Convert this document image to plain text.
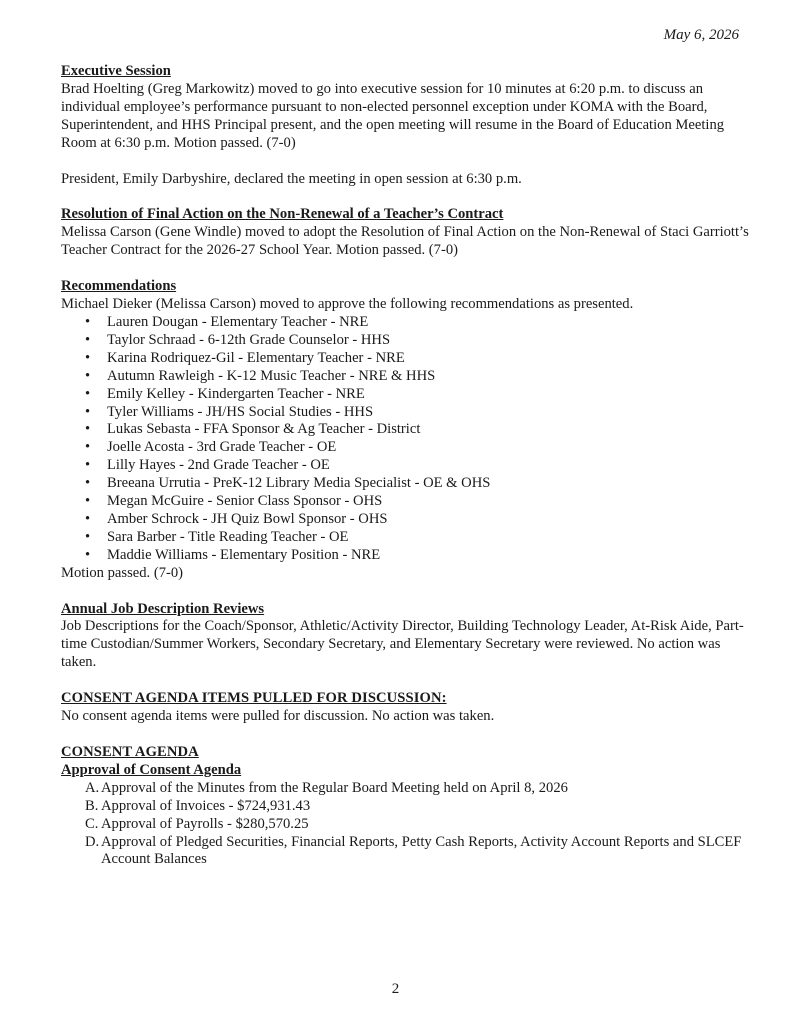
May 6, 2026

Executive Session

Brad Hoelting (Greg Markowitz) moved to go into executive session for 10 minutes at 6:20 p.m. to discuss an individual employee’s performance pursuant to non-elected personnel exception under KOMA with the Board, Superintendent, and HHS Principal present, and the open meeting will resume in the Board of Education Meeting Room at 6:30 p.m. Motion passed. (7-0)

President, Emily Darbyshire, declared the meeting in open session at 6:30 p.m.

Resolution of Final Action on the Non-Renewal of a Teacher’s Contract

Melissa Carson (Gene Windle) moved to adopt the Resolution of Final Action on the Non-Renewal of Staci Garriott’s Teacher Contract for the 2026-27 School Year. Motion passed. (7-0)

Recommendations

Michael Dieker (Melissa Carson) moved to approve the following recommendations as presented.

• Lauren Dougan - Elementary Teacher - NRE
• Taylor Schraad - 6-12th Grade Counselor - HHS
• Karina Rodriquez-Gil - Elementary Teacher - NRE
• Autumn Rawleigh - K-12 Music Teacher - NRE & HHS
• Emily Kelley - Kindergarten Teacher - NRE
• Tyler Williams - JH/HS Social Studies - HHS
• Lukas Sebasta - FFA Sponsor & Ag Teacher - District
• Joelle Acosta - 3rd Grade Teacher - OE
• Lilly Hayes - 2nd Grade Teacher - OE
• Breeana Urrutia - PreK-12 Library Media Specialist - OE & OHS
• Megan McGuire - Senior Class Sponsor - OHS
• Amber Schrock - JH Quiz Bowl Sponsor - OHS
• Sara Barber - Title Reading Teacher - OE
• Maddie Williams - Elementary Position - NRE

Motion passed. (7-0)

Annual Job Description Reviews

Job Descriptions for the Coach/Sponsor, Athletic/Activity Director, Building Technology Leader, At-Risk Aide, Part-time Custodian/Summer Workers, Secondary Secretary, and Elementary Secretary were reviewed. No action was taken.

CONSENT AGENDA ITEMS PULLED FOR DISCUSSION:

No consent agenda items were pulled for discussion. No action was taken.

CONSENT AGENDA

Approval of Consent Agenda

A. Approval of the Minutes from the Regular Board Meeting held on April 8, 2026
B. Approval of Invoices - $724,931.43
C. Approval of Payrolls - $280,570.25
D. Approval of Pledged Securities, Financial Reports, Petty Cash Reports, Activity Account Reports and SLCEF Account Balances
2
